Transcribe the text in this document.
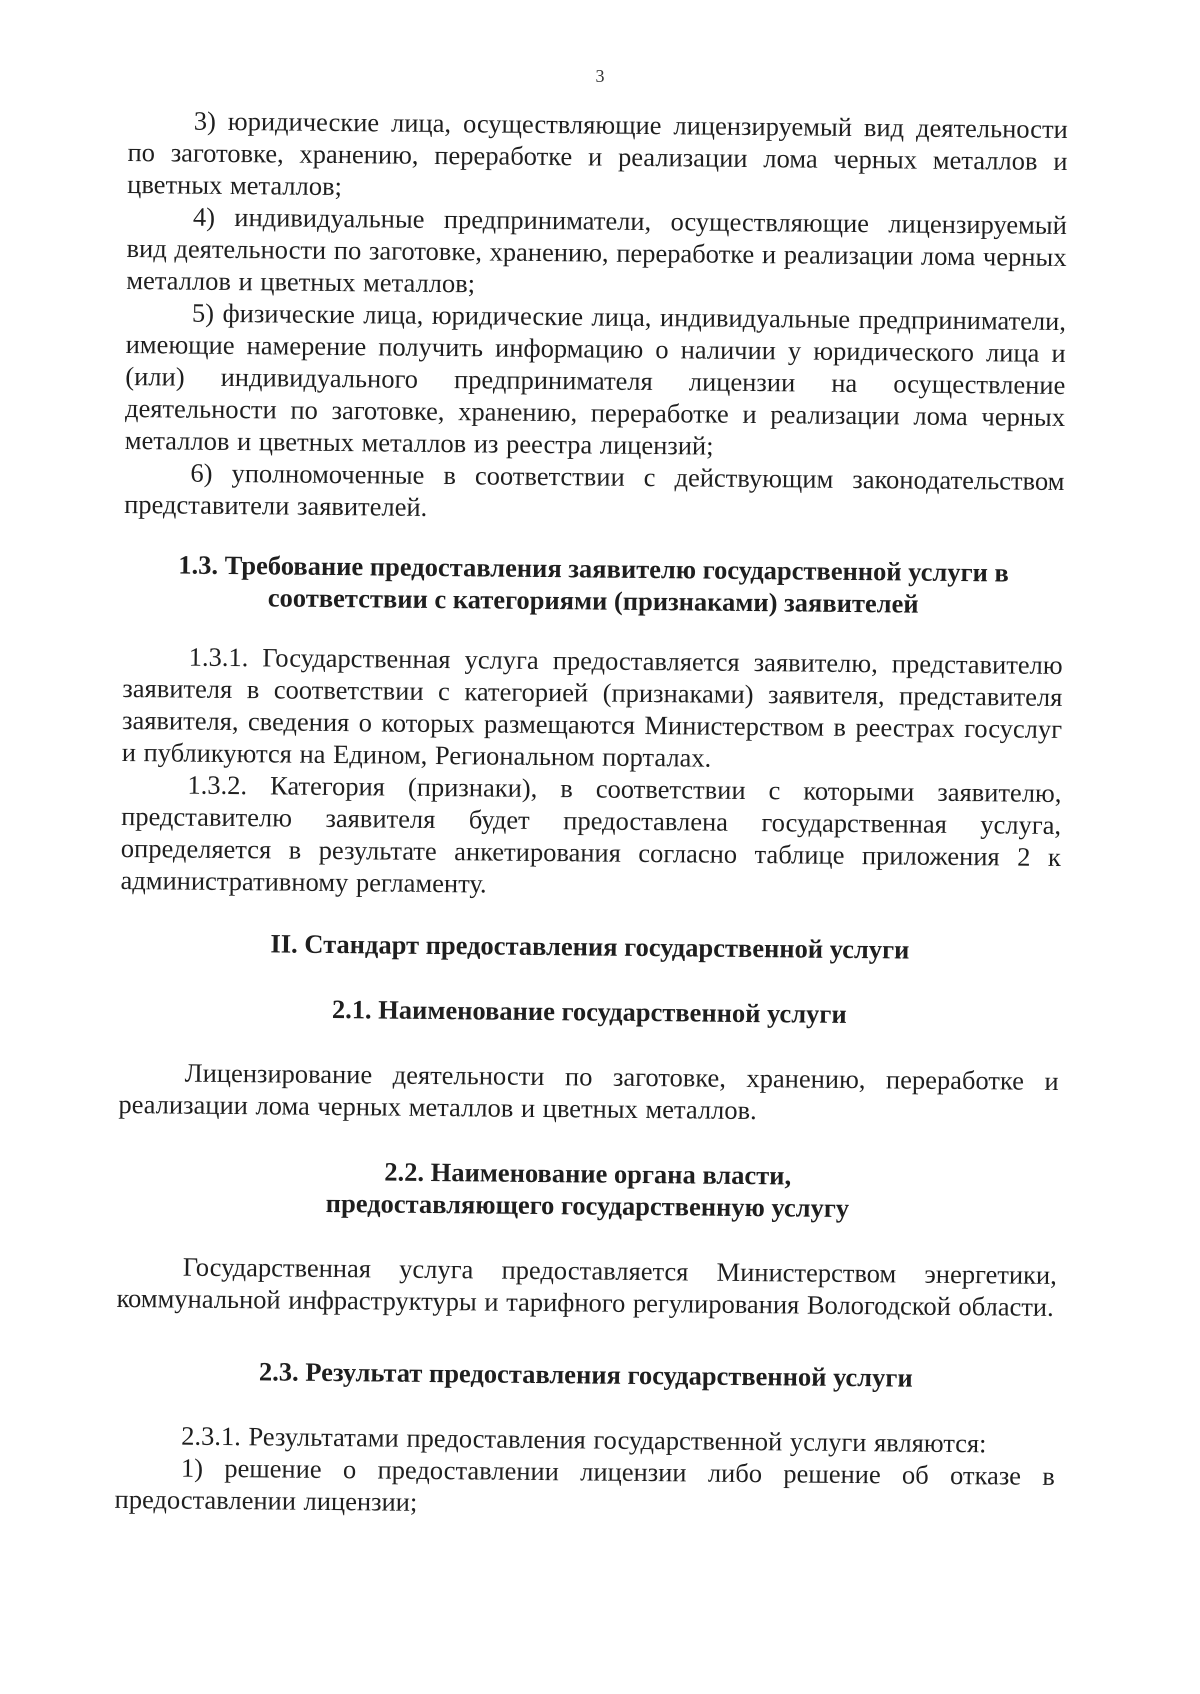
3

3) юридические лица, осуществляющие лицензируемый вид деятельности по заготовке, хранению, переработке и реализации лома черных металлов и цветных металлов;

4) индивидуальные предприниматели, осуществляющие лицензируемый вид деятельности по заготовке, хранению, переработке и реализации лома черных металлов и цветных металлов;

5) физические лица, юридические лица, индивидуальные предприниматели, имеющие намерение получить информацию о наличии у юридического лица и (или) индивидуального предпринимателя лицензии на осуществление деятельности по заготовке, хранению, переработке и реализации лома черных металлов и цветных металлов из реестра лицензий;

6) уполномоченные в соответствии с действующим законодательством представители заявителей.

1.3. Требование предоставления заявителю государственной услуги в
соответствии с категориями (признаками) заявителей

1.3.1. Государственная услуга предоставляется заявителю, представителю заявителя в соответствии с категорией (признаками) заявителя, представителя заявителя, сведения о которых размещаются Министерством в реестрах госуслуг и публикуются на Едином, Региональном порталах.

1.3.2. Категория (признаки), в соответствии с которыми заявителю, представителю заявителя будет предоставлена государственная услуга, определяется в результате анкетирования согласно таблице приложения 2 к административному регламенту.

II. Стандарт предоставления государственной услуги
2.1. Наименование государственной услуги

Лицензирование деятельности по заготовке, хранению, переработке и реализации лома черных металлов и цветных металлов.

2.2. Наименование органа власти,
предоставляющего государственную услугу

Государственная услуга предоставляется Министерством энергетики, коммунальной инфраструктуры и тарифного регулирования Вологодской области.

2.3. Результат предоставления государственной услуги

2.3.1. Результатами предоставления государственной услуги являются:

1) решение о предоставлении лицензии либо решение об отказе в предоставлении лицензии;
